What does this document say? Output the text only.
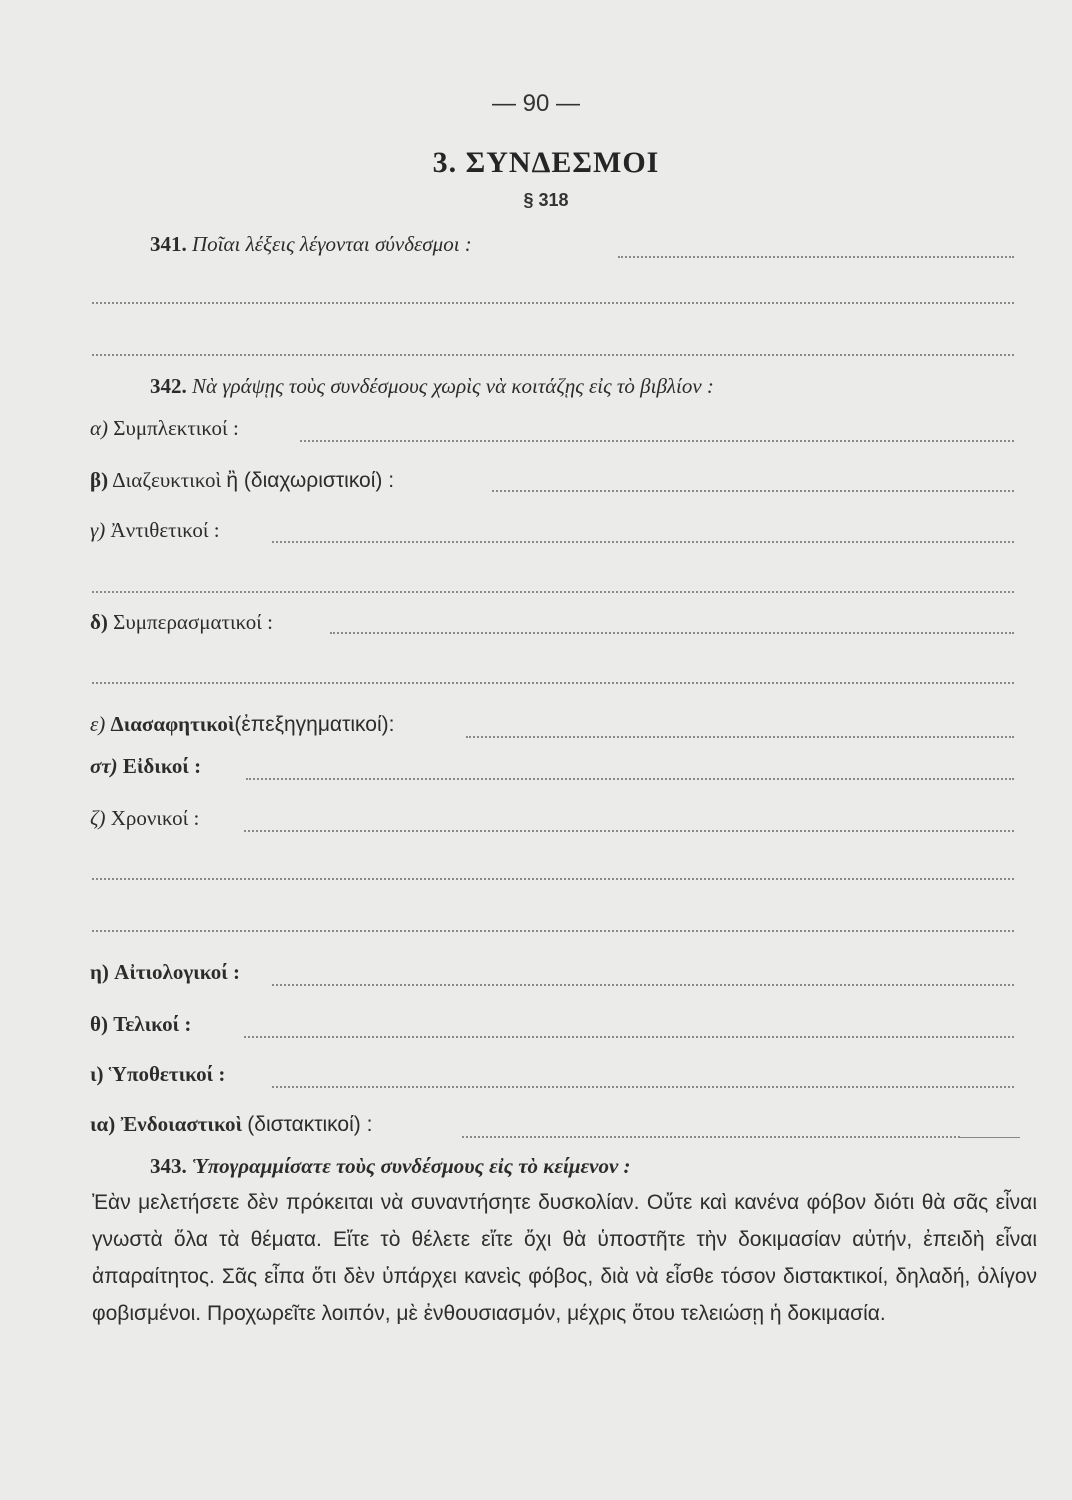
— 90 —
3. ΣΥΝΔΕΣΜΟΙ
§ 318
341. Ποῖαι λέξεις λέγονται σύνδεσμοι :
342. Νὰ γράψῃς τοὺς συνδέσμους χωρὶς νὰ κοιτάζῃς εἰς τὸ βιβλίον :
α) Συμπλεκτικοί :
β) Διαζευκτικοὶ ἢ (διαχωριστικοί) :
γ) Ἀντιθετικοί :
δ) Συμπερασματικοί :
ε) Διασαφητικοὶ(ἐπεξηγηματικοί):
στ) Εἰδικοί :
ζ) Χρονικοί :
η) Αἰτιολογικοί :
θ) Τελικοί :
ι) Ὑποθετικοί :
ια) Ἐνδοιαστικοὶ (διστακτικοί) :
343. Ὑπογραμμίσατε τοὺς συνδέσμους εἰς τὸ κείμενον :
Ἐὰν μελετήσετε δὲν πρόκειται νὰ συναντήσητε δυσκολίαν. Οὔτε καὶ κανένα φόβον διότι θὰ σᾶς εἶναι γνωστὰ ὅλα τὰ θέματα. Εἴτε τὸ θέλετε εἴτε ὄχι θὰ ὑποστῆτε τὴν δοκιμασίαν αὐτήν, ἐπειδὴ εἶναι ἀπαραίτητος. Σᾶς εἶπα ὅτι δὲν ὑπάρχει κανεὶς φόβος, διὰ νὰ εἶσθε τόσον διστακτικοί, δηλαδή, ὀλίγον φοβισμένοι. Προχωρεῖτε λοιπόν, μὲ ἐνθουσιασμόν, μέχρις ὅτου τελειώσῃ ἡ δοκιμασία.
